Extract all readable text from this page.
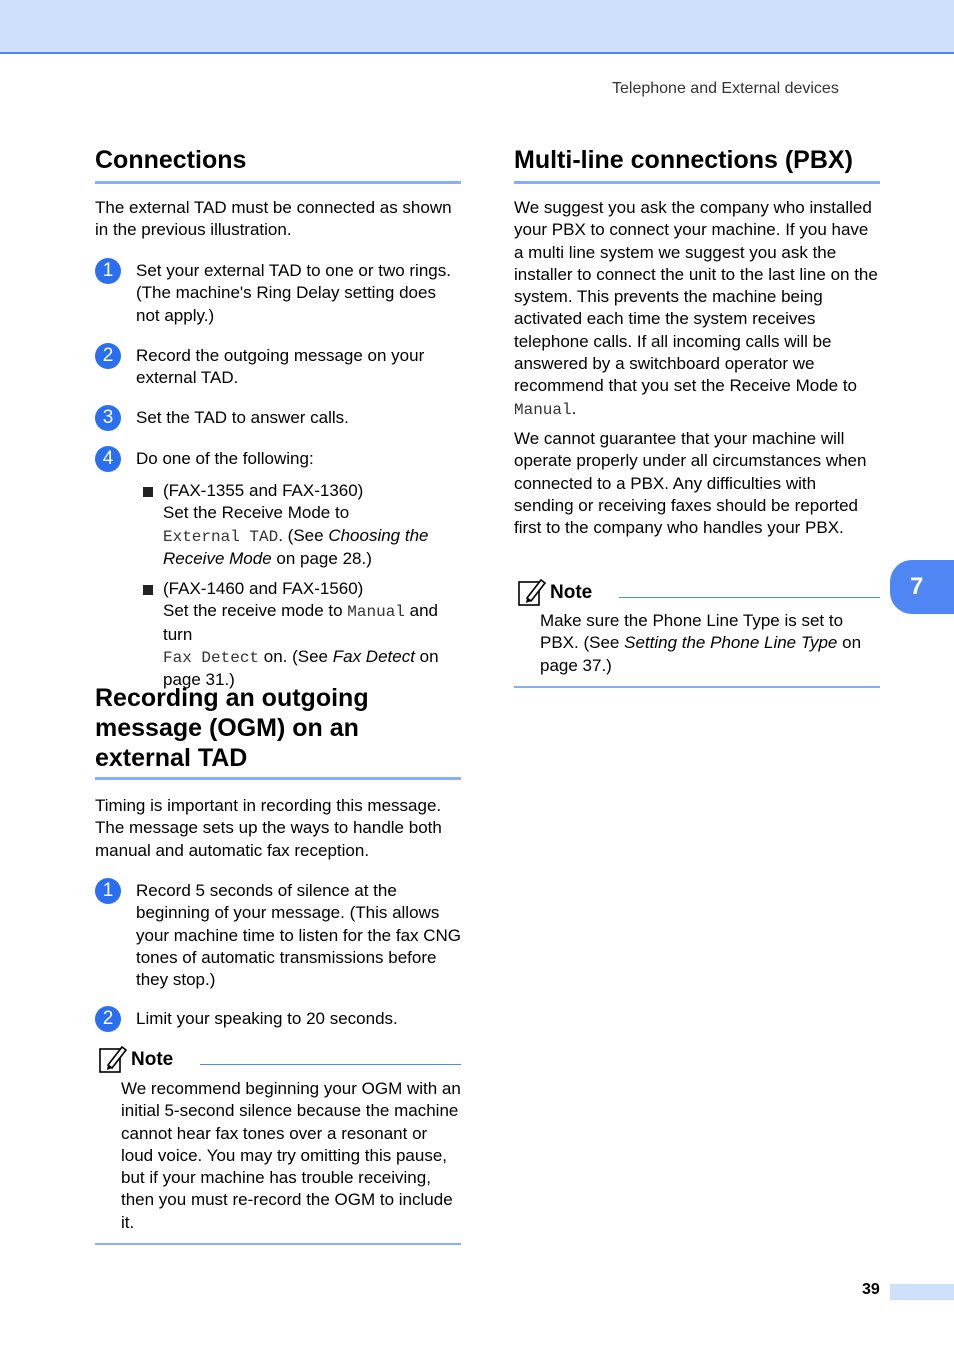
Telephone and External devices
Connections
The external TAD must be connected as shown in the previous illustration.
1	Set your external TAD to one or two rings. (The machine's Ring Delay setting does not apply.)
2	Record the outgoing message on your external TAD.
3	Set the TAD to answer calls.
4	Do one of the following:
(FAX-1355 and FAX-1360)
Set the Receive Mode to
External TAD. (See Choosing the Receive Mode on page 28.)
(FAX-1460 and FAX-1560)
Set the receive mode to Manual and turn
Fax Detect on. (See Fax Detect on page 31.)
Recording an outgoing message (OGM) on an external TAD
Timing is important in recording this message. The message sets up the ways to handle both manual and automatic fax reception.
1	Record 5 seconds of silence at the beginning of your message. (This allows your machine time to listen for the fax CNG tones of automatic transmissions before they stop.)
2	Limit your speaking to 20 seconds.
Note
We recommend beginning your OGM with an initial 5-second silence because the machine cannot hear fax tones over a resonant or loud voice. You may try omitting this pause, but if your machine has trouble receiving, then you must re-record the OGM to include it.
Multi-line connections (PBX)
We suggest you ask the company who installed your PBX to connect your machine. If you have a multi line system we suggest you ask the installer to connect the unit to the last line on the system. This prevents the machine being activated each time the system receives telephone calls. If all incoming calls will be answered by a switchboard operator we recommend that you set the Receive Mode to Manual.
We cannot guarantee that your machine will operate properly under all circumstances when connected to a PBX. Any difficulties with sending or receiving faxes should be reported first to the company who handles your PBX.
Note
Make sure the Phone Line Type is set to PBX. (See Setting the Phone Line Type on page 37.)
7
39
